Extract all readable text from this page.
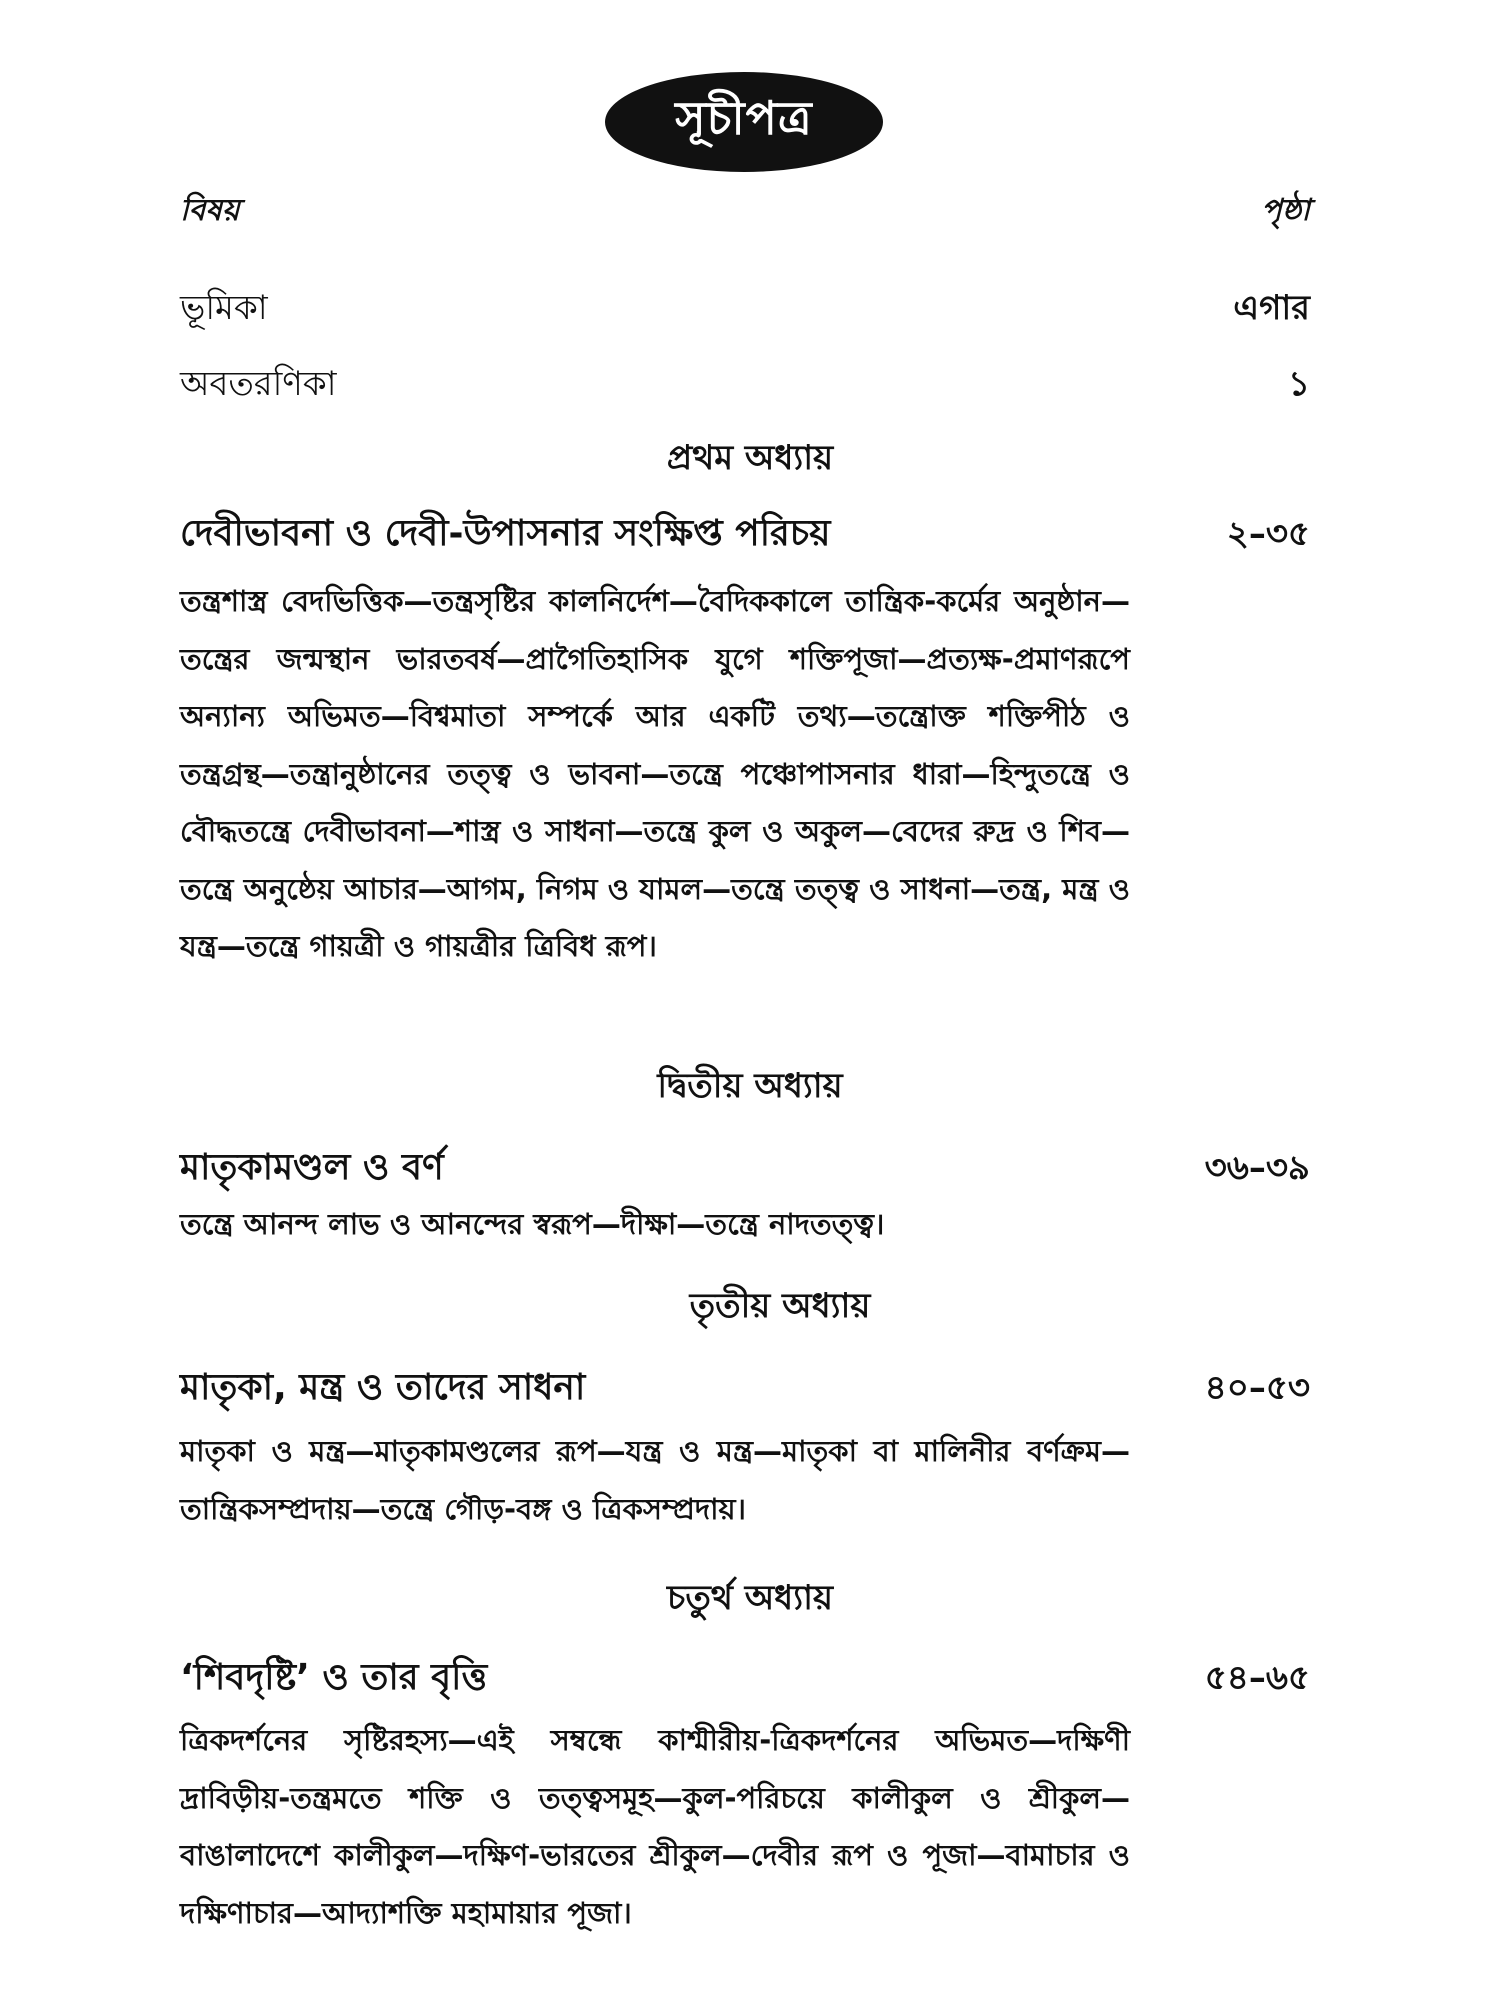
সূচীপত্র
বিষয়	পৃষ্ঠা
ভূমিকা	এগার
অবতরণিকা	১
প্রথম অধ্যায়
দেবীভাবনা ও দেবী-উপাসনার সংক্ষিপ্ত পরিচয়	২–৩৫

তন্ত্রশাস্ত্র বেদভিত্তিক—তন্ত্রসৃষ্টির কালনির্দেশ—বৈদিককালে তান্ত্রিক-কর্মের অনুষ্ঠান—তন্ত্রের জন্মস্থান ভারতবর্ষ—প্রাগৈতিহাসিক যুগে শক্তিপূজা—প্রত্যক্ষ-প্রমাণরূপে অন্যান্য অভিমত—বিশ্বমাতা সম্পর্কে আর একটি তথ্য—তন্ত্রোক্ত শক্তিপীঠ ও তন্ত্রগ্রন্থ—তন্ত্রানুষ্ঠানের তত্ত্ব ও ভাবনা—তন্ত্রে পঞ্চোপাসনার ধারা—হিন্দুতন্ত্রে ও বৌদ্ধতন্ত্রে দেবীভাবনা—শাস্ত্র ও সাধনা—তন্ত্রে কুল ও অকুল—বেদের রুদ্র ও শিব—তন্ত্রে অনুষ্ঠেয় আচার—আগম, নিগম ও যামল—তন্ত্রে তত্ত্ব ও সাধনা—তন্ত্র, মন্ত্র ও যন্ত্র—তন্ত্রে গায়ত্রী ও গায়ত্রীর ত্রিবিধ রূপ।

দ্বিতীয় অধ্যায়
মাতৃকামণ্ডল ও বর্ণ	৩৬–৩৯

তন্ত্রে আনন্দ লাভ ও আনন্দের স্বরূপ—দীক্ষা—তন্ত্রে নাদতত্ত্ব।

তৃতীয় অধ্যায়
মাতৃকা, মন্ত্র ও তাদের সাধনা	৪০–৫৩

মাতৃকা ও মন্ত্র—মাতৃকামণ্ডলের রূপ—যন্ত্র ও মন্ত্র—মাতৃকা বা মালিনীর বর্ণক্রম—তান্ত্রিকসম্প্রদায়—তন্ত্রে গৌড়-বঙ্গ ও ত্রিকসম্প্রদায়।

চতুর্থ অধ্যায়
‘শিবদৃষ্টি’ ও তার বৃত্তি	৫৪–৬৫

ত্রিকদর্শনের সৃষ্টিরহস্য—এই সম্বন্ধে কাশ্মীরীয়-ত্রিকদর্শনের অভিমত—দক্ষিণী দ্রাবিড়ীয়-তন্ত্রমতে শক্তি ও তত্ত্বসমূহ—কুল-পরিচয়ে কালীকুল ও শ্রীকুল—বাঙালাদেশে কালীকুল—দক্ষিণ-ভারতের শ্রীকুল—দেবীর রূপ ও পূজা—বামাচার ও দক্ষিণাচার—আদ্যাশক্তি মহামায়ার পূজা।
